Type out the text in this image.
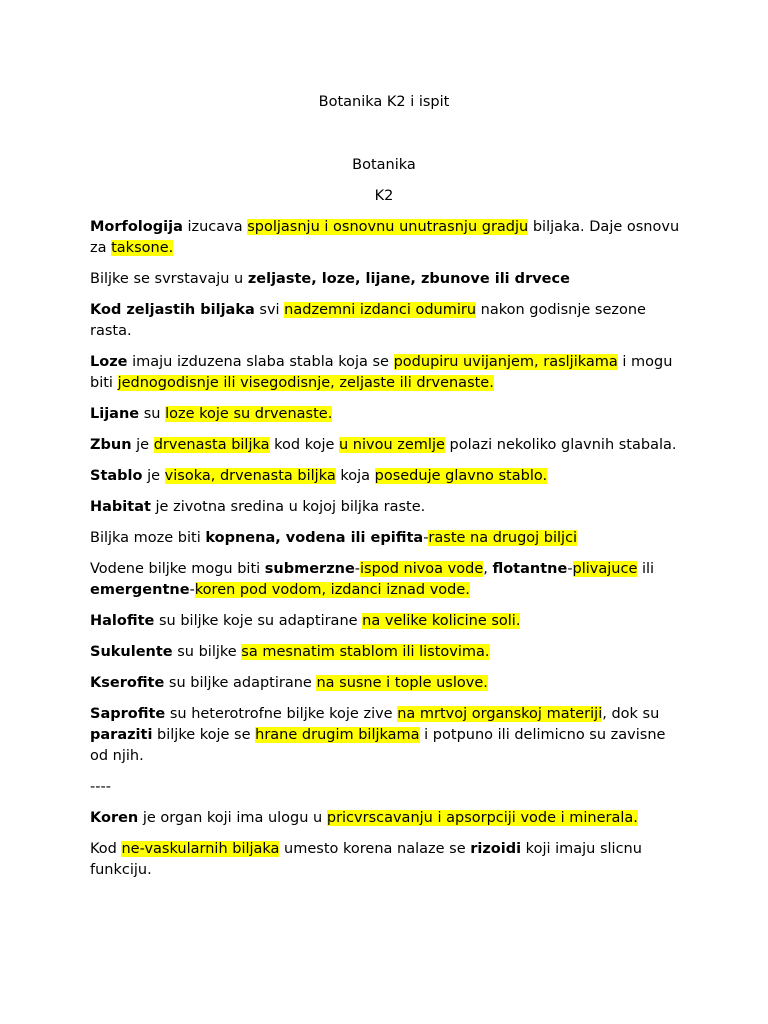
Botanika K2 i ispit
Botanika
K2

Morfologija izucava spoljasnju i osnovnu unutrasnju gradju biljaka. Daje osnovu za taksone.

Biljke se svrstavaju u zeljaste, loze, lijane, zbunove ili drvece

Kod zeljastih biljaka svi nadzemni izdanci odumiru nakon godisnje sezone rasta.

Loze imaju izduzena slaba stabla koja se podupiru uvijanjem, rasljikama i mogu biti jednogodisnje ili visegodisnje, zeljaste ili drvenaste.

Lijane su loze koje su drvenaste.

Zbun je drvenasta biljka kod koje u nivou zemlje polazi nekoliko glavnih stabala.

Stablo je visoka, drvenasta biljka koja poseduje glavno stablo.

Habitat je zivotna sredina u kojoj biljka raste.

Biljka moze biti kopnena, vodena ili epifita-raste na drugoj biljci

Vodene biljke mogu biti submerzne-ispod nivoa vode, flotantne-plivajuce ili emergentne-koren pod vodom, izdanci iznad vode.

Halofite su biljke koje su adaptirane na velike kolicine soli.

Sukulente su biljke sa mesnatim stablom ili listovima.

Kserofite su biljke adaptirane na susne i tople uslove.

Saprofite su heterotrofne biljke koje zive na mrtvoj organskoj materiji, dok su paraziti biljke koje se hrane drugim biljkama i potpuno ili delimicno su zavisne od njih.

----

Koren je organ koji ima ulogu u pricvrscavanju i apsorpciji vode i minerala.

Kod ne-vaskularnih biljaka umesto korena nalaze se rizoidi koji imaju slicnu funkciju.
